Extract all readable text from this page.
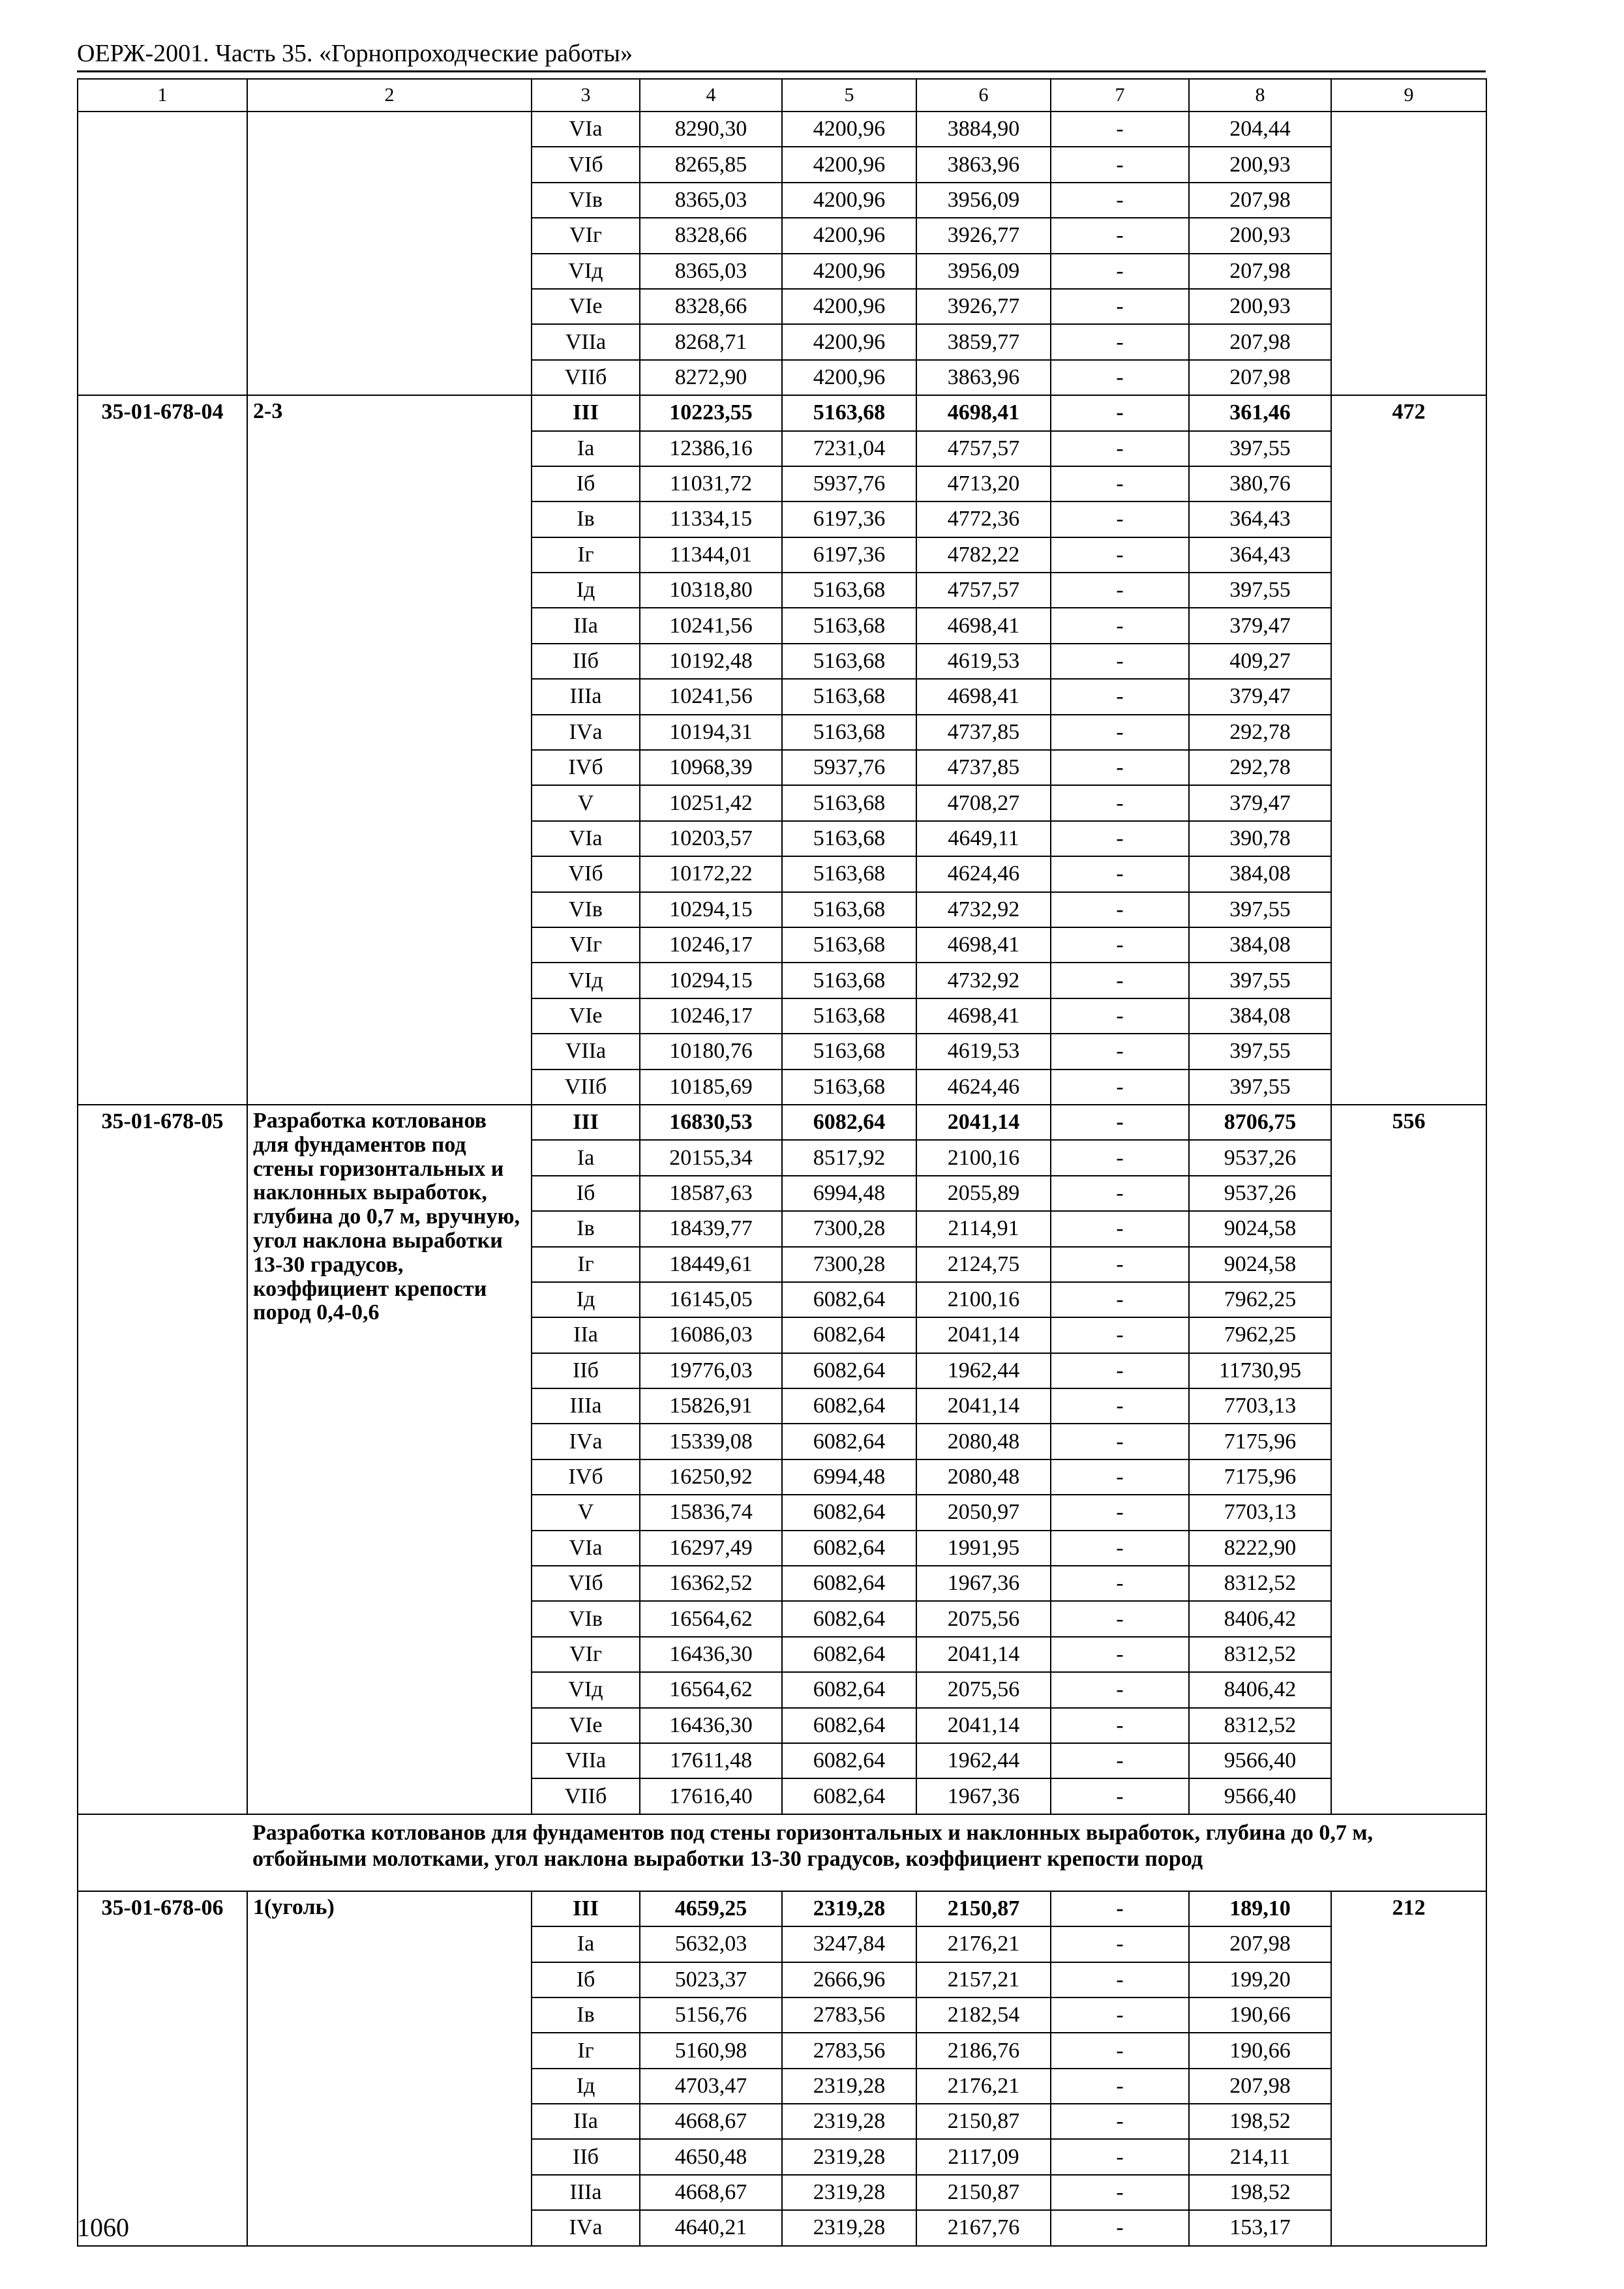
ОЕРЖ-2001. Часть 35. «Горнопроходческие работы»
1	2	3	4	5	6	7	8	9
		VIа	8290,30	4200,96	3884,90	-	204,44	
		VIб	8265,85	4200,96	3863,96	-	200,93	
		VIв	8365,03	4200,96	3956,09	-	207,98	
		VIг	8328,66	4200,96	3926,77	-	200,93	
		VIд	8365,03	4200,96	3956,09	-	207,98	
		VIе	8328,66	4200,96	3926,77	-	200,93	
		VIIа	8268,71	4200,96	3859,77	-	207,98	
		VIIб	8272,90	4200,96	3863,96	-	207,98	
35-01-678-04	2-3	III	10223,55	5163,68	4698,41	-	361,46	472
		Iа	12386,16	7231,04	4757,57	-	397,55	
		Iб	11031,72	5937,76	4713,20	-	380,76	
		Iв	11334,15	6197,36	4772,36	-	364,43	
		Iг	11344,01	6197,36	4782,22	-	364,43	
		Iд	10318,80	5163,68	4757,57	-	397,55	
		IIа	10241,56	5163,68	4698,41	-	379,47	
		IIб	10192,48	5163,68	4619,53	-	409,27	
		IIIа	10241,56	5163,68	4698,41	-	379,47	
		IVа	10194,31	5163,68	4737,85	-	292,78	
		IVб	10968,39	5937,76	4737,85	-	292,78	
		V	10251,42	5163,68	4708,27	-	379,47	
		VIа	10203,57	5163,68	4649,11	-	390,78	
		VIб	10172,22	5163,68	4624,46	-	384,08	
		VIв	10294,15	5163,68	4732,92	-	397,55	
		VIг	10246,17	5163,68	4698,41	-	384,08	
		VIд	10294,15	5163,68	4732,92	-	397,55	
		VIе	10246,17	5163,68	4698,41	-	384,08	
		VIIа	10180,76	5163,68	4619,53	-	397,55	
		VIIб	10185,69	5163,68	4624,46	-	397,55	
35-01-678-05	Разработка котлованов для фундаментов под стены горизонтальных и наклонных выработок, глубина до 0,7 м, вручную, угол наклона выработки 13-30 градусов, коэффициент крепости пород 0,4-0,6	III	16830,53	6082,64	2041,14	-	8706,75	556
		Iа	20155,34	8517,92	2100,16	-	9537,26	
		Iб	18587,63	6994,48	2055,89	-	9537,26	
		Iв	18439,77	7300,28	2114,91	-	9024,58	
		Iг	18449,61	7300,28	2124,75	-	9024,58	
		Iд	16145,05	6082,64	2100,16	-	7962,25	
		IIа	16086,03	6082,64	2041,14	-	7962,25	
		IIб	19776,03	6082,64	1962,44	-	11730,95	
		IIIа	15826,91	6082,64	2041,14	-	7703,13	
		IVа	15339,08	6082,64	2080,48	-	7175,96	
		IVб	16250,92	6994,48	2080,48	-	7175,96	
		V	15836,74	6082,64	2050,97	-	7703,13	
		VIа	16297,49	6082,64	1991,95	-	8222,90	
		VIб	16362,52	6082,64	1967,36	-	8312,52	
		VIв	16564,62	6082,64	2075,56	-	8406,42	
		VIг	16436,30	6082,64	2041,14	-	8312,52	
		VIд	16564,62	6082,64	2075,56	-	8406,42	
		VIе	16436,30	6082,64	2041,14	-	8312,52	
		VIIа	17611,48	6082,64	1962,44	-	9566,40	
		VIIб	17616,40	6082,64	1967,36	-	9566,40	
	Разработка котлованов для фундаментов под стены горизонтальных и наклонных выработок, глубина до 0,7 м, отбойными молотками, угол наклона выработки 13-30 градусов, коэффициент крепости пород							
35-01-678-06	1(уголь)	III	4659,25	2319,28	2150,87	-	189,10	212
		Iа	5632,03	3247,84	2176,21	-	207,98	
		Iб	5023,37	2666,96	2157,21	-	199,20	
		Iв	5156,76	2783,56	2182,54	-	190,66	
		Iг	5160,98	2783,56	2186,76	-	190,66	
		Iд	4703,47	2319,28	2176,21	-	207,98	
		IIа	4668,67	2319,28	2150,87	-	198,52	
		IIб	4650,48	2319,28	2117,09	-	214,11	
		IIIа	4668,67	2319,28	2150,87	-	198,52	
		IVа	4640,21	2319,28	2167,76	-	153,17	
1060
